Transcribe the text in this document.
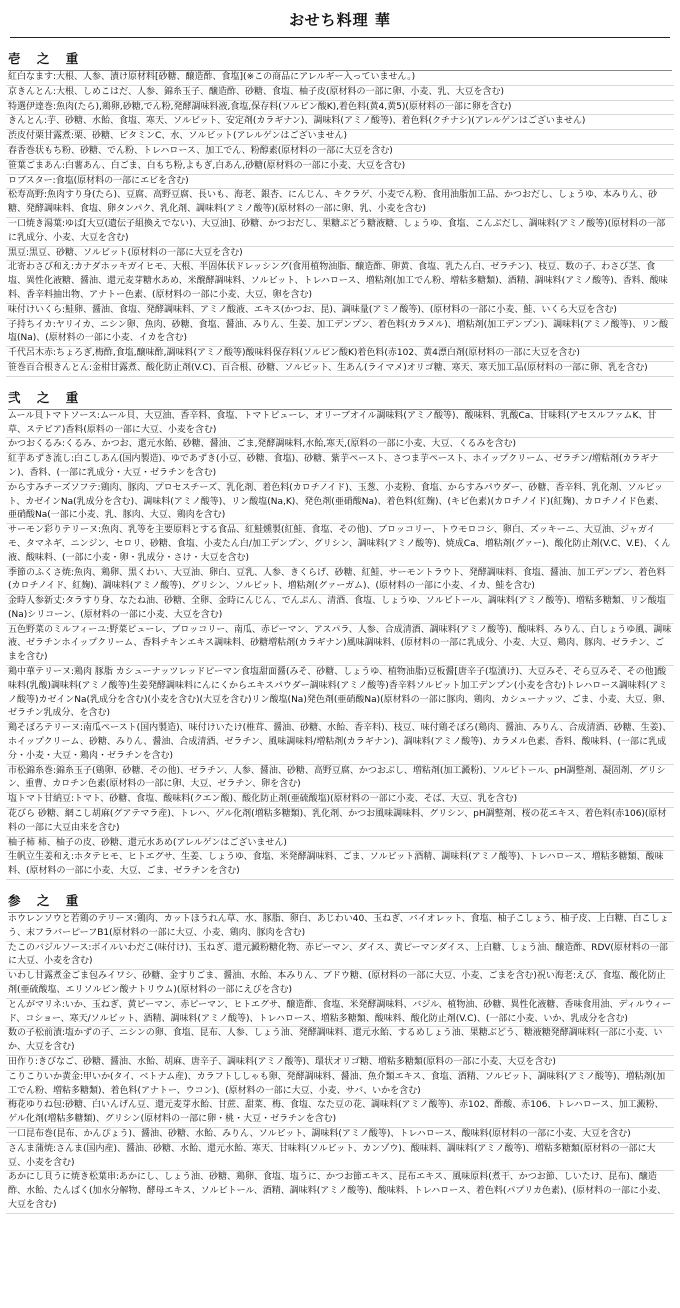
おせち料理 華
壱 之 重
紅白なます:大根、人参、漬け原材料[砂糖、醸造酢、食塩](※この商品にアレルギー入っていません。)
京きんとん:大根、しめこはだ、人参、錦糸玉子、醸造酢、砂糖、食塩、柚子皮(原材料の一部に卵、小麦、乳、大豆を含む)
特選伊達巻:魚肉(たら),鶏卵,砂糖,でん粉,発酵調味料液,食塩,保存料(ソルビン酸K),着色料(黄4,黄5)(原材料の一部に卵を含む)
きんとん:芋、砂糖、水飴、食塩、寒天、ソルビット、安定剤(カラギナン)、調味料(アミノ酸等)、着色料(クチナシ)(アレルゲンはございません)
渋皮付栗甘露煮:栗、砂糖、ビタミンC、水、ソルビット(アレルゲンはございません)
春香巻状もち粉、砂糖、でん粉、トレハロース、加工でん、粉醇素(原材料の一部に大豆を含む)
笹葉ごまあん:白薯あん、白ごま、白もち粉,よもぎ,白あん,砂糖(原材料の一部に小麦、大豆を含む)
ロブスター:食塩(原材料の一部にエビを含む)
松寿高野:魚肉すり身(たら)、豆腐、高野豆腐、長いも、海老、銀杏、にんじん、キクラゲ、小麦でん粉、食用油脂加工品、かつおだし、しょうゆ、本みりん、砂糖、発酵調味料、食塩、卵タンパク、乳化剤、調味料(アミノ酸等)(原材料の一部に卵、乳、小麦を含む)
一口焼き湯葉:ゆば[大豆(遺伝子組換えでない)、大豆油]、砂糖、かつおだし、果糖ぶどう糖液糖、しょうゆ、食塩、こんぶだし、調味料(アミノ酸等)(原材料の一部に乳成分、小麦、大豆を含む)
黒豆:黒豆、砂糖、ソルビット(原材料の一部に大豆を含む)
北寄わさび和え:カナダホッキガイヒモ、大根、半固体状ドレッシング(食用植物油脂、醸造酢、卵黄、食塩、乳たん白、ゼラチン)、枝豆、数の子、わさび茎、食塩、異性化液糖、醤油、還元麦芽糖水あめ、米醗酵調味料、ソルビット、トレハロース、増粘剤(加工でん粉、増粘多糖類)、酒精、調味料(アミノ酸等)、香料、酸味料、香辛料抽出物、アナトー色素、(原材料の一部に小麦、大豆、卵を含む)
味付けいくら:鮭卵、醤油、食塩、発酵調味料、アミノ酸液、エキス(かつお、昆)、調味量(アミノ酸等)、(原材料の一部に小麦、鮭、いくら大豆を含む)
子持ちイカ:ヤリイカ、ニシン卵、魚肉、砂糖、食塩、醤油、みりん、生姜、加工デンプン、着色料(カラメル)、増粘剤(加工デンプン)、調味料(アミノ酸等)、リン酸塩(Na)、(原材料の一部に小麦、イカを含む)
千代呂木赤:ちょろぎ,梅酢,食塩,醸味酢,調味料(アミノ酸等)酸味料保存料(ソルビン酸K)着色料(赤102、黄4漂白剤(原材料の一部に大豆を含む)
笹巻百合根きんとん:金柑甘露煮、酸化防止剤(V.C)、百合根、砂糖、ソルビット、生あん(ライマメ)オリゴ糖、寒天、寒天加工品(原材料の一部に卵、乳を含む)
弐 之 重
ムール貝トマトソース:ムール貝、大豆油、香辛料、食塩、トマトピューレ、オリーブオイル調味料(アミノ酸等)、酸味料、乳酸Ca、甘味料(アセスルファムK、甘草、ステビア)香料(原料の一部に大豆、小麦を含む)
かつおくるみ:くるみ、かつお、還元水飴、砂糖、醤油、ごま,発酵調味料,水飴,寒天,(原料の一部に小麦、大豆、くるみを含む)
紅芋あずき流し:白こしあん(国内製造)、ゆであずき(小豆、砂糖、食塩)、砂糖、紫芋ペースト、さつま芋ペースト、ホイップクリーム、ゼラチン/増粘剤(カラギナン)、香料、(一部に乳成分・大豆・ゼラチンを含む)
からすみチーズソフテ:鶏肉、豚肉、プロセスチーズ、乳化剤、着色料(カロチノイド)、玉葱、小麦粉、食塩、からすみパウダー、砂糖、香辛料、乳化剤、ソルビット、カゼインNa(乳成分を含む)、調味料(アミノ酸等)、リン酸塩(Na,K)、発色剤(亜硝酸Na)、着色料(紅麹)、(キビ色素)(カロチノイド)(紅麹)、カロチノイド色素、亜硝酸Na(一部に小麦、乳、豚肉、大豆、鶏肉を含む)
サーモン彩りテリーヌ:魚肉、乳等を主要原料とする食品、紅鮭燻製(紅鮭、食塩、その他)、ブロッコリー、トウモロコシ、卵白、ズッキーニ、大豆油、ジャガイモ、タマネギ、ニンジン、セロリ、砂糖、食塩、小麦たん白/加工デンプン、グリシン、調味料(アミノ酸等)、焼成Ca、増粘剤(グァー)、酸化防止剤(V.C、V.E)、くん液、酸味料、(一部に小麦・卵・乳成分・さけ・大豆を含む)
季節のふくさ焼:魚肉、鶏卵、黒くわい、大豆油、卵白、豆乳、人参、きくらげ、砂糖、紅鮭、サーモントラウト、発酵調味料、食塩、醤油、加工デンプン、着色料(カロチノイド、紅麹)、調味料(アミノ酸等)、グリシン、ソルビット、増粘剤(グァーガム)、(原材料の一部に小麦、イカ、鮭を含む)
金時人参新丈:タラすり身、なたね油、砂糖、全卵、金時にんじん、でんぷん、清酒、食塩、しょうゆ、ソルビトール、調味料(アミノ酸等)、増粘多糖類、リン酸塩(Na)シリコーン、(原材料の一部に小麦、大豆を含む)
五色野菜のミルフィーユ:野菜ピューレ、ブロッコリー、南瓜、赤ピーマン、アスパラ、人参、合成清酒、調味料(アミノ酸等)、酸味料、みりん、白しょうゆ風、調味液、ゼラチンホイップクリーム、香料チキンエキス調味料、砂糖増粘剤(カラギナン)風味調味料、(原材料の一部に乳成分、小麦、大豆、鶏肉、豚肉、ゼラチン、ごまを含む)
鶏中華テリーヌ:鶏肉 豚脂 カシューナッツレッドピーマン食塩甜面醤(みそ、砂糖、しょうゆ、植物油脂)豆板醤[唐辛子(塩漬け)、大豆みそ、そら豆みそ、その他]酸味料(乳酸)調味料(アミノ酸等)生姜発酵調味料にんにくからエキスパウダー調味料(アミノ酸等)香辛料ソルビット加工デンプン(小麦を含む)トレハロース調味料(アミノ酸等)カゼインNa(乳成分を含む)(小麦を含む)(大豆を含む)リン酸塩(Na)発色剤(亜硝酸Na)(原材料の一部に豚肉、鶏肉、カシューナッツ、ごま、小麦、大豆、卵、ゼラチン乳成分、を含む)
鶏そぼろテリーヌ:南瓜ペースト(国内製造)、味付けいたけ(椎茸、醤油、砂糖、水飴、香辛料)、枝豆、味付鶏そぼろ(鶏肉、醤油、みりん、合成清酒、砂糖、生姜)、ホイップクリーム、砂糖、みりん、醤油、合成清酒、ゼラチン、風味調味料/増粘剤(カラギナン)、調味料(アミノ酸等)、カラメル色素、香料、酸味料、(一部に乳成分・小麦・大豆・鶏肉・ゼラチンを含む)
市松錦糸巻:錦糸玉子(鶏卵、砂糖、その他)、ゼラチン、人参、醤油、砂糖、高野豆腐、かつおぶし、増粘剤(加工澱粉)、ソルビトール、pH調整剤、凝固剤、グリシン、重曹、カロチン色素(原材料の一部に卵、大豆、ゼラチン、卵を含む)
塩トマト甘納豆:トマト、砂糖、食塩、酸味料(クエン酸)、酸化防止剤(亜硫酸塩)(原材料の一部に小麦、そば、大豆、乳を含む)
花びら 砂糖、網こし胡麻(グアテマラ産)、トレハ、ゲル化剤(増粘多糖類)、乳化剤、かつお風味調味料、グリシン、pH調整剤、桜の花エキス、着色料(赤106)(原材料の一部に大豆由来を含む)
柚子柿 柿、柚子の皮、砂糖、還元水あめ(アレルゲンはございません)
生帆立生姜和え:ホタテヒモ、ヒトエグサ、生姜、しょうゆ、食塩、米発酵調味料、ごま、ソルビット酒精、調味料(アミノ酸等)、トレハロース、増粘多糖類、酸味料、(原材料の一部に小麦、大豆、ごま、ゼラチンを含む)
参 之 重
ホウレンソウと若鶏のテリーヌ:鶏肉、カットほうれん草、水、豚脂、卵白、あじわい40、玉ねぎ、バイオレット、食塩、柚子こしょう、柚子皮、上白糖、白こしょう、末フラバーピーフB1(原材料の一部に大豆、小麦、鶏肉、豚肉を含む)
たこのバジルソース:ボイルいわだこ(味付け)、玉ねぎ、還元澱粉糖化物、赤ピーマン、ダイス、黄ピーマンダイス、上白糖、しょう油、醸造酢、RDV(原材料の一部に大豆、小麦を含む)
いわし甘露煮金ごま包みイワシ、砂糖、金すりごま、醤油、水飴、本みりん、ブドウ糖、(原材料の一部に大豆、小麦、ごまを含む)祝い海老:えび、食塩、酸化防止剤(亜硫酸塩、エリソルビン酸ナトリウム)(原材料の一部にえびを含む)
とんがマリネ:いか、玉ねぎ、黄ピーマン、赤ピーマン、ヒトエグサ、醸造酢、食塩、米発酵調味料、バジル、植物油、砂糖、異性化液糖、香味食用油、ディルウィード、コショー、寒天/ソルビット、酒精、調味料(アミノ酸等)、トレハロース、増粘多糖類、酸味料、酸化防止剤(V.C)、(一部に小麦、いか、乳成分を含む)
数の子松前漬:塩かずの子、ニシンの卵、食塩、昆布、人参、しょう油、発酵調味料、還元水飴、するめしょう油、果糖ぶどう、糖液糖発酵調味料(一部に小麦、いか、大豆を含む)
田作り:きびなご、砂糖、醤油、水飴、胡麻、唐辛子、調味料(アミノ酸等)、環状オリゴ糖、増粘多糖類(原料の一部に小麦、大豆を含む)
こりこりいか黄金:甲いか(タイ、ベトナム産)、カラフトししゃも卵、発酵調味料、醤油、魚介類エキス、食塩、酒精、ソルビット、調味料(アミノ酸等)、増粘剤(加工でん粉、増粘多糖類)、着色料(アナトー、ウコン)、(原材料の一部に大豆、小麦、サバ、いかを含む)
梅花ゆりね包:砂糖、白いんげん豆、還元麦芽水飴、甘蔗、甜菜、梅、食塩、なた豆の花、調味料(アミノ酸等)、赤102、酢酸、赤106、トレハロース、加工澱粉、ゲル化剤(増粘多糖類)、グリシン(原材料の一部に卵・桃・大豆・ゼラチンを含む)
一口昆布巻(昆布、かんぴょう)、醤油、砂糖、水飴、みりん、ソルビット、調味料(アミノ酸等)、トレハロース、酸味料(原材料の一部に小麦、大豆を含む)
さんま蒲焼:さんま(国内産)、醤油、砂糖、水飴、還元水飴、寒天、甘味料(ソルビット、カンゾウ)、酸味料、調味料(アミノ酸等)、増粘多糖類(原材料の一部に大豆、小麦を含む)
あかにし貝うに焼き松葉串:あかにし、しょう油、砂糖、鶏卵、食塩、塩うに、かつお節エキス、昆布エキス、風味原料(煮干、かつお節、しいたけ、昆布)、醸造酢、水飴、たんぱく(加水分解物、酵母エキス、ソルビトール、酒精、調味料(アミノ酸等)、酸味料、トレハロース、着色料(パプリカ色素)、(原材料の一部に小麦、大豆を含む)
